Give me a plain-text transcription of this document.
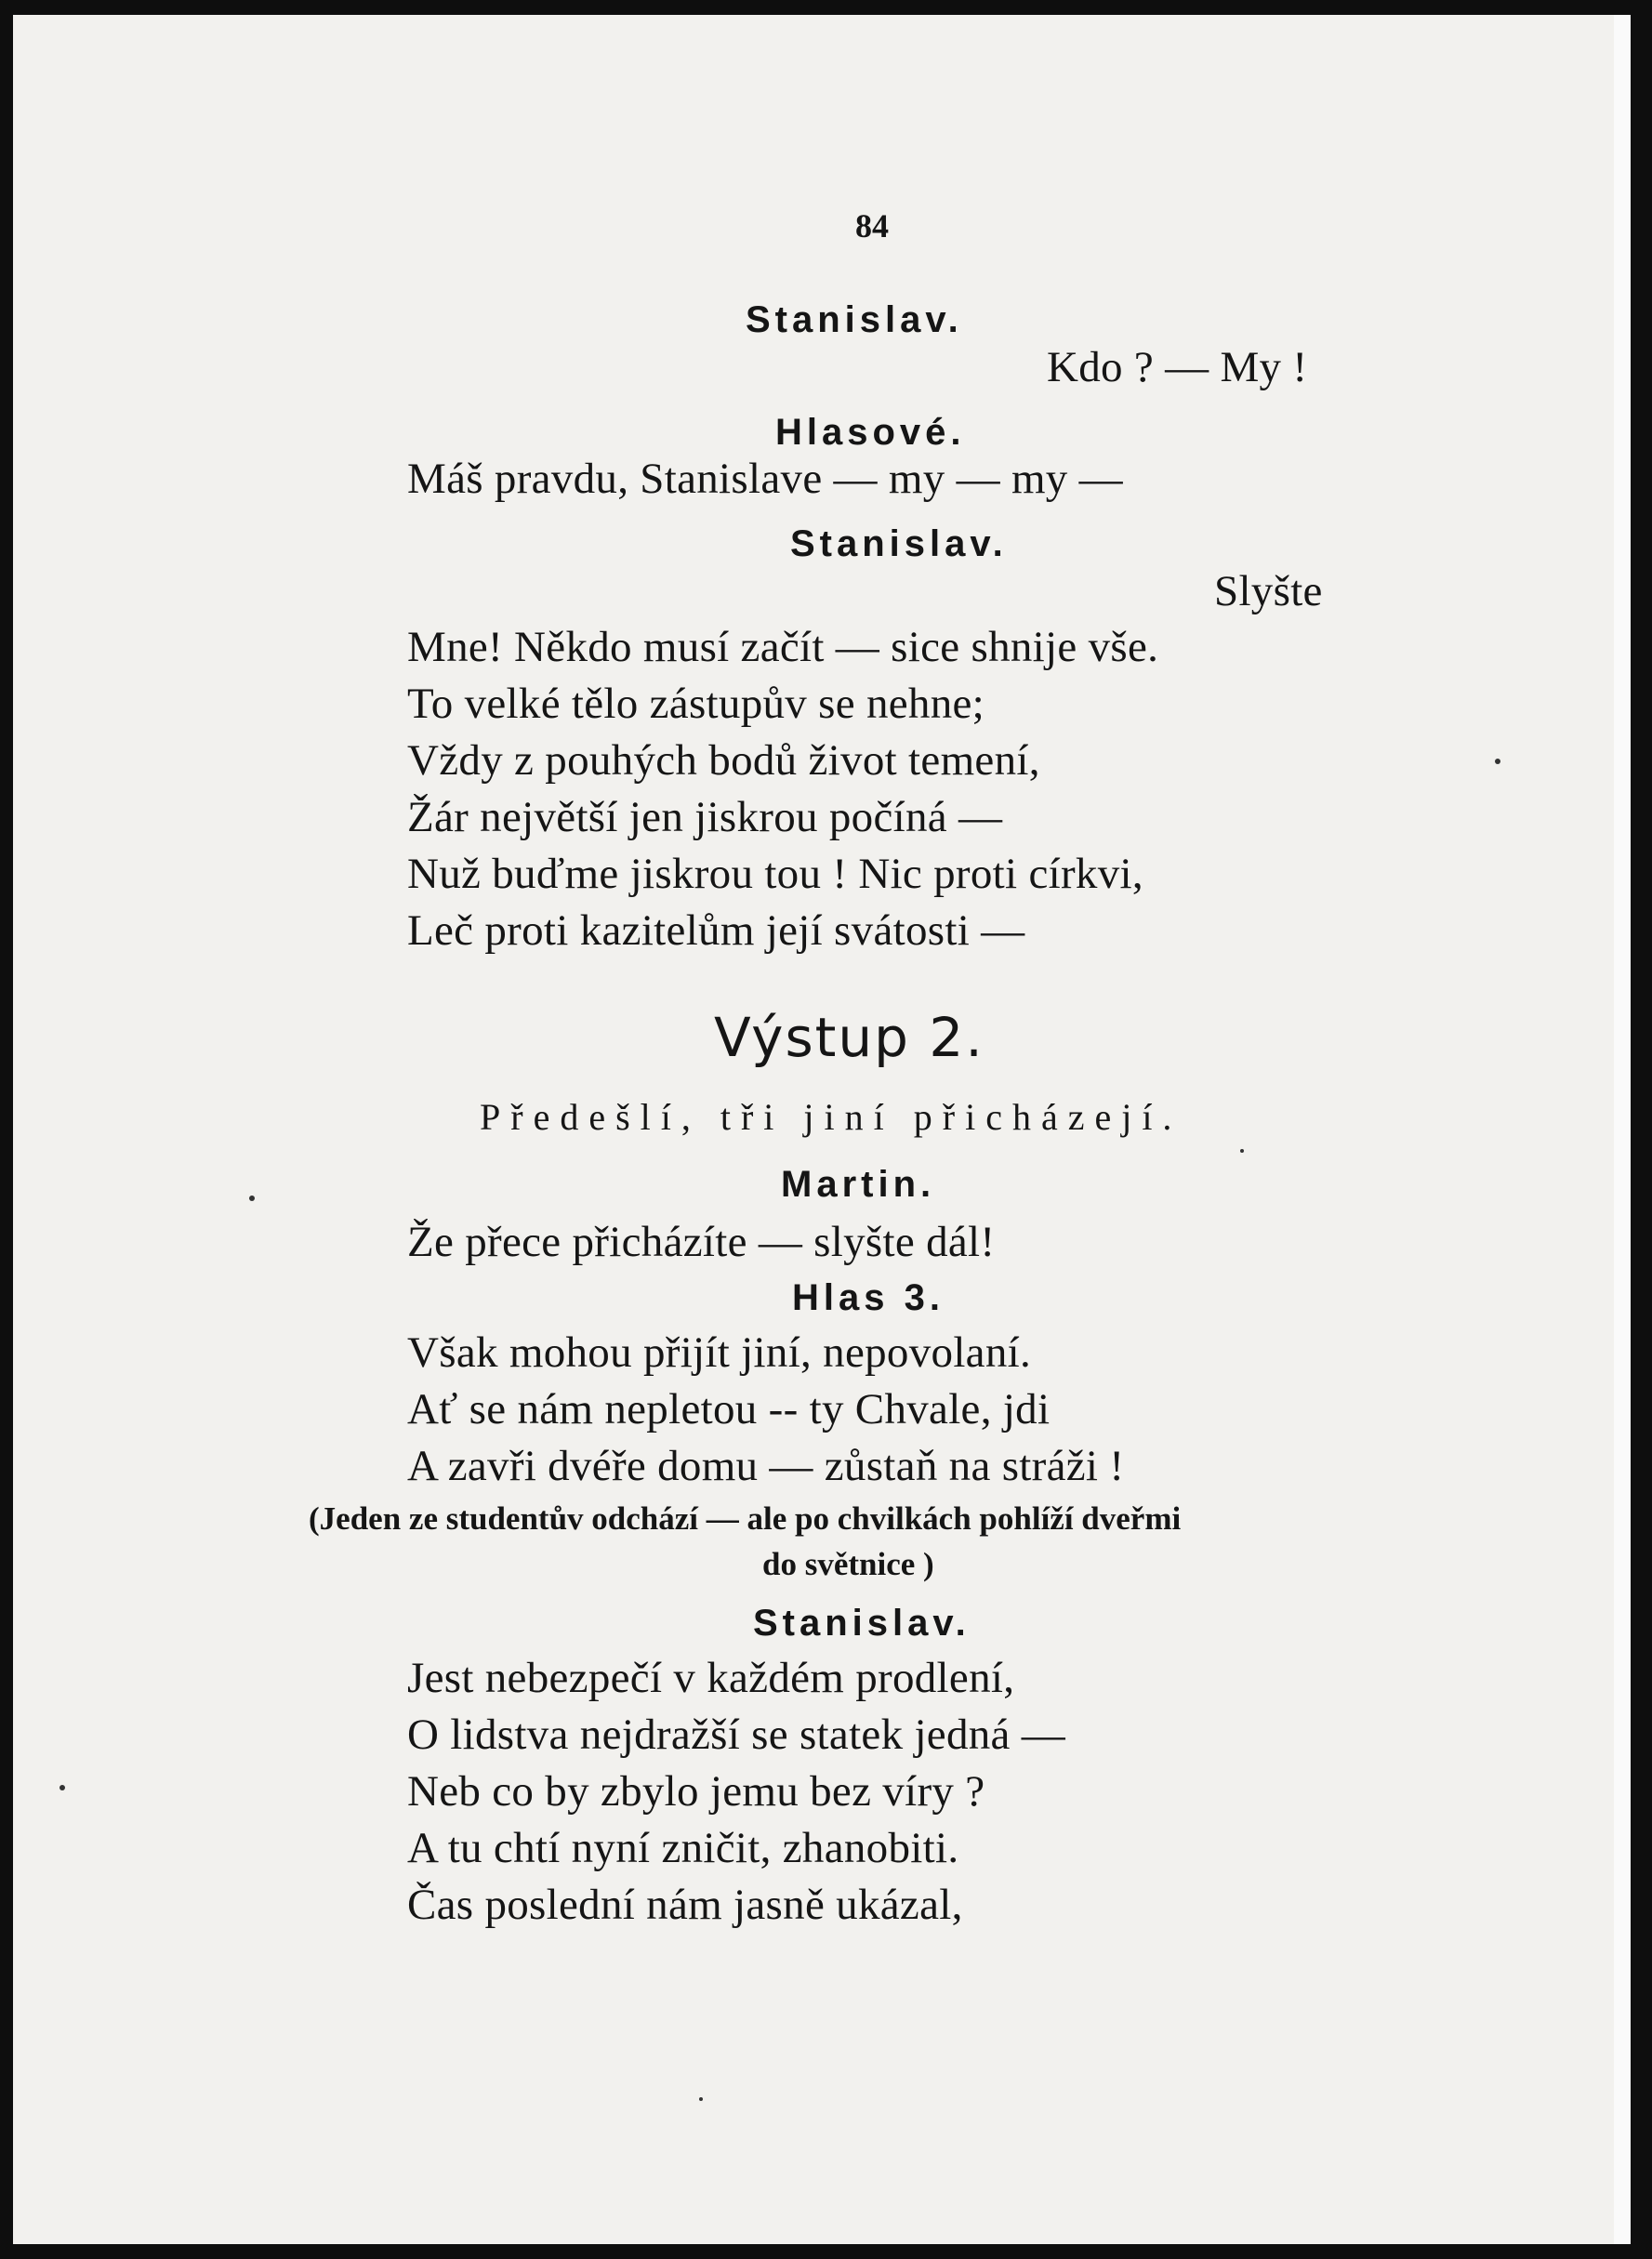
84
Stanislav.
Kdo ? — My !
Hlasové.
Máš pravdu, Stanislave — my — my —
Stanislav.
Slyšte
Mne! Někdo musí začít — sice shnije vše.
To velké tělo zástupův se nehne;
Vždy z pouhých bodů život temení,
Žár největší jen jiskrou počíná —
Nuž buďme jiskrou tou ! Nic proti církvi,
Leč proti kazitelům její svátosti —
Výstup 2.
Předešlí, tři jiní přicházejí.
Martin.
Že přece přicházíte — slyšte dál!
Hlas 3.
Však mohou přijít jiní, nepovolaní.
Ať se nám nepletou -- ty Chvale, jdi
A zavři dvéře domu — zůstaň na stráži !
(Jeden ze studentův odchází — ale po chvilkách pohlíží dveřmi
do světnice )
Stanislav.
Jest nebezpečí v každém prodlení,
O lidstva nejdražší se statek jedná —
Neb co by zbylo jemu bez víry ?
A tu chtí nyní zničit, zhanobiti.
Čas poslední nám jasně ukázal,
